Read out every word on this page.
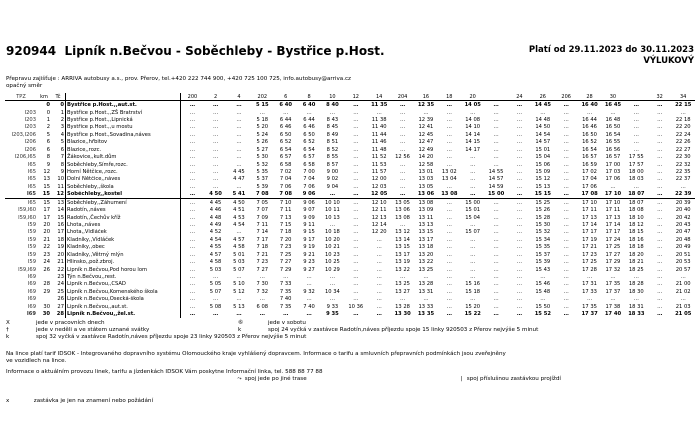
920944 Lipník n.Bečvou - Soběchleby - Bystřice p.Host.	Platí od 29.11.2023 do 30.11.2023
VÝLUKOVÝ
Přepravu zajišťuje : ARRIVA autobusy a.s., prov. Přerov, tel.+420 222 744 900, +420 725 100 725, info.autobusy@arriva.cz
opačný směr
TPZ	km	Tč		200	2	4	202	6	8	10	12	14	204	16	18	20		24	26	206	28	30		32	34
	0	0	Bystřice p.Host.,,aut.st.	…	…	…	5 15	6 40	6 40	8 40	…	11 35	…	12 35	…	14 05	…	…	14 45	…	16 40	16 45	…	…	22 15
I203	0	1	Bystřice p.Host.,,ZŠ Bratrství	…	…	…	…	…	…	…	…	…	…	…	…	…	…	…	…	…	…	…	…	…	…
I203	1	2	Bystřice p.Host.,,Lipnická	…	…	…	5 18	6 44	6 44	8 43	…	11 38	…	12 39	…	14 08	…	…	14 48	…	16 44	16 48	…	…	22 18
I203	2	3	Bystřice p.Host.,,u mostu	…	…	…	5 20	6 46	6 46	8 45	…	11 40	…	12 41	…	14 10	…	…	14 50	…	16 46	16 50	…	…	22 20
I203,I206	5	4	Bystřice p.Host.,Sovadina,náves	…	…	…	5 24	6 50	6 50	8 49	…	11 44	…	12 45	…	14 14	…	…	14 54	…	16 50	16 54	…	…	22 24
I206	6	5	Blazice,,hřbitov	…	…	…	5 26	6 52	6 52	8 51	…	11 46	…	12 47	…	14 15	…	…	14 57	…	16 52	16 55	…	…	22 26
I206	6	6	Blazice,,rozc.	…	…	…	5 27	6 54	6 54	8 52	…	11 48	…	12 49	…	14 17	…	…	15 01	…	16 54	16 56	…	…	22 27
I206,I65	8	7	Žákovice,,kult.dům	…	…	…	5 30	6 57	6 57	8 55	…	11 52	12 56	14 20	…	…	…	…	15 04	…	16 57	16 57	17 55	…	22 30
I65	9	8	Soběchleby,Símře,rozc.	…	…	…	5 32	6 58	6 58	8 57	…	11 53	…	12 58	…	…	…	…	15 06	…	16 59	17 00	17 57	…	22 32
I65	12	9	Horní Nětčice,,rozc.	…	…	4 45	5 35	7 02	7 00	9 00	…	11 57	…	13 01	13 02	…	14 55	…	15 09	…	17 02	17 03	18 00	…	22 35
I65	13	10	Dolní Nětčice,,náves	…	…	4 47	5 37	7 04	7 04	9 02	…	12 00	…	13 03	13 04	…	14 57	…	15 12	…	17 04	17 06	18 03	…	22 37
I65	15	11	Soběchleby,,škola	…	…	…	5 39	7 06	7 06	9 04	…	12 03	…	13 05	…	…	14 59	…	15 13	…	17 06	…	…	…	…
I65	15	12	Soběchleby,,kostel	…	4 50	5 41	7 08	7 08	9 06	…	…	12 05	…	13 06	13 08	…	15 00	…	15 15	…	17 08	17 10	18 07	…	22 39
I65	15	13	Soběchleby,,Záhumení	…	4 45	4 50	7 05	7 10	9 06	10 10	…	12 10	13 05	13 08	…	15 00	…	…	15 25	…	17 10	17 10	18 07	…	20 39
I59,I60	17	14	Radotín,,náves	…	4 46	4 51	7 07	7 11	9 07	10 11	…	12 11	13 06	13 09	…	15 01	…	…	15 26	…	17 11	17 11	18 08	…	20 40
I59,I60	17	15	Radotín,,Čechův kříž	…	4 48	4 53	7 09	7 13	9 09	10 13	…	12 13	13 08	13 11	…	15 04	…	…	15 28	…	17 13	17 13	18 10	…	20 42
I59	20	16	Lhota,,náves	…	4 49	4 54	7 11	7 15	9 11	…	…	12 14	…	13 13	…	…	…	…	15 30	…	17 14	17 14	18 12	…	20 43
I59	20	17	Lhota,,Vídláček	…	4 52	…	7 14	7 18	9 15	10 18	…	12 20	13 12	13 15	…	15 07	…	…	15 32	…	17 17	17 17	18 15	…	20 47
I59	21	18	Kladníky,,Vídláček	…	4 54	4 57	7 17	7 20	9 17	10 20	…	…	13 14	13 17	…	…	…	…	15 34	…	17 19	17 24	18 16	…	20 48
I59	22	19	Kladníky,,obec	…	4 55	4 58	7 18	7 23	9 19	10 21	…	…	13 15	13 18	…	…	…	…	15 35	…	17 21	17 25	18 18	…	20 49
I59	23	20	Kladníky,,Větrný mlýn	…	4 57	5 01	7 21	7 25	9 21	10 23	…	…	13 17	13 20	…	…	…	…	15 37	…	17 23	17 27	18 20	…	20 51
I59	24	21	Hlinsko,,pož.zbroj.	…	4 58	5 03	7 23	7 27	9 23	10 25	…	…	13 19	13 22	…	…	…	…	15 39	…	17 25	17 29	18 21	…	20 53
I59,I69	26	22	Lipník n.Bečvou,Pod horou lom	…	5 03	5 07	7 27	7 29	9 27	10 29	…	…	13 22	13 25	…	…	…	…	15 43	…	17 28	17 32	18 25	…	20 57
I69		23	Týn n.Bečvou,,rest.	…	…	…	…	…	…	…	…	…	…	…	…	…	…	…	…	…	…	…	…	…	…
I69	28	24	Lipník n.Bečvou,,ČSAD	…	5 05	5 10	7 30	7 33	…	…	…	…	13 25	13 28	…	15 16	…	…	15 46	…	17 31	17 35	18 28	…	21 00
I69	29	25	Lipník n.Bečvou,Komenského škola	…	5 07	5 12	7 32	7 35	9 32	10 34	…	…	13 27	13 31	…	15 18	…	…	15 48	…	17 33	17 37	18 30	…	21 02
I69		26	Lipník n.Bečvou,Osecká-škola	…	…	…	…	7 40	…	…	…	…	…	…	…	…	…	…	…	…	…	…	…	…	…
I69	30	27	Lipník n.Bečvou,,aut.st.	…	5 08	5 13	6 08	7 35	7 40	9 33	10 36	…	13 28	13 33	…	15 20	…	…	15 50	…	17 35	17 38	18 31	…	21 03
I69	30	28	Lipník n.Bečvou,,žel.st.	…	…	…	…	…	…	9 35	…	…	13 30	13 35	…	15 22	…	…	15 52	…	17 37	17 40	18 33	…	21 05
X	jede v pracovních dnech	⑥	jede v sobotu
†	jede v neděli a ve státem uznané svátky	k	spoj 24 vyčká v zastávce Radotín,náves příjezdu spoje 15 linky 920503 z Přerov nejvýše 5 minut
k	spoj 32 vyčká v zastávce Radotín,náves příjezdu spoje 23 linky 920503 z Přerov nejvýše 5 minut
Na lince platí tarif IDSOK - Integrovaného dopravního systému Olomouckého kraje vyhlášený dopravcem. Informace o tarifu a smluvních přepravních podmínkách jsou zveřejněny
ve vozidlech na lince.
Informace o aktuálním provozu linek, tarifu a jízdenkách IDSOK Vám poskytne Informační linka, tel. 588 88 77 88
⤳ spoj jede po jiné trase	| spoj příslušnou zastávkou projíždí
x	zastávka je jen na znamení nebo požádání
